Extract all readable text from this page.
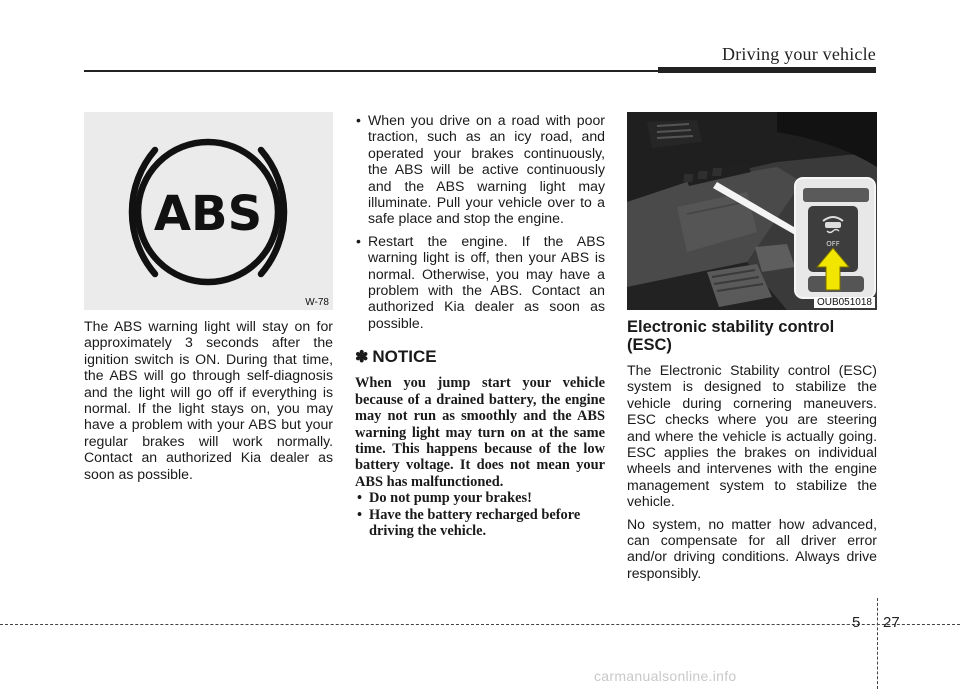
Driving your vehicle
ABS
W-78

The ABS warning light will stay on for approximately 3 seconds after the ignition switch is ON. During that time, the ABS will go through self-diagnosis and the light will go off if everything is normal. If the light stays on, you may have a problem with your ABS but your regular brakes will work normally. Contact an authorized Kia dealer as soon as possible.

• When you drive on a road with poor traction, such as an icy road, and operated your brakes continuously, the ABS will be active continuously and the ABS warning light may illuminate. Pull your vehicle over to a safe place and stop the engine.
• Restart the engine. If the ABS warning light is off, then your ABS is normal. Otherwise, you may have a problem with the ABS. Contact an authorized Kia dealer as soon as possible.
✽ NOTICE

When you jump start your vehicle because of a drained battery, the engine may not run as smoothly and the ABS warning light may turn on at the same time. This happens because of the low battery voltage. It does not mean your ABS has malfunctioned.

• Do not pump your brakes!
• Have the battery recharged before driving the vehicle.
OFF
OUB051018
Electronic stability control (ESC)

The Electronic Stability control (ESC) system is designed to stabilize the vehicle during cornering maneuvers. ESC checks where you are steering and where the vehicle is actually going. ESC applies the brakes on individual wheels and intervenes with the engine management system to stabilize the vehicle.

No system, no matter how advanced, can compensate for all driver error and/or driving conditions. Always drive responsibly.

5 27
carmanualsonline.info
